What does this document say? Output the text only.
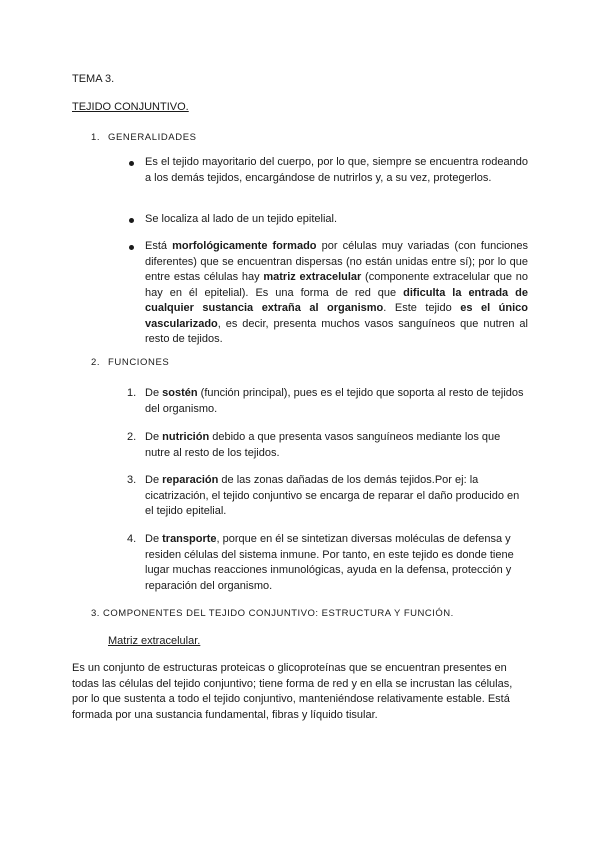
TEMA 3.
TEJIDO CONJUNTIVO.
1. GENERALIDADES
Es el tejido mayoritario del cuerpo, por lo que, siempre se encuentra rodeando a los demás tejidos, encargándose de nutrirlos y, a su vez, protegerlos.
Se localiza al lado de un tejido epitelial.
Está morfológicamente formado por células muy variadas (con funciones diferentes) que se encuentran dispersas (no están unidas entre sí); por lo que entre estas células hay matriz extracelular (componente extracelular que no hay en él epitelial). Es una forma de red que dificulta la entrada de cualquier sustancia extraña al organismo. Este tejido es el único vascularizado, es decir, presenta muchos vasos sanguíneos que nutren al resto de tejidos.
2. FUNCIONES
1. De sostén (función principal), pues es el tejido que soporta al resto de tejidos del organismo.
2. De nutrición debido a que presenta vasos sanguíneos mediante los que nutre al resto de los tejidos.
3. De reparación de las zonas dañadas de los demás tejidos.Por ej: la cicatrización, el tejido conjuntivo se encarga de reparar el daño producido en el tejido epitelial.
4. De transporte, porque en él se sintetizan diversas moléculas de defensa y residen células del sistema inmune. Por tanto, en este tejido es donde tiene lugar muchas reacciones inmunológicas, ayuda en la defensa, protección y reparación del organismo.
3. COMPONENTES DEL TEJIDO CONJUNTIVO: ESTRUCTURA Y FUNCIÓN.
Matriz extracelular.
Es un conjunto de estructuras proteicas o glicoproteínas que se encuentran presentes en todas las células del tejido conjuntivo; tiene forma de red y en ella se incrustan las células, por lo que sustenta a todo el tejido conjuntivo, manteniéndose relativamente estable. Está formada por una sustancia fundamental, fibras y líquido tisular.
